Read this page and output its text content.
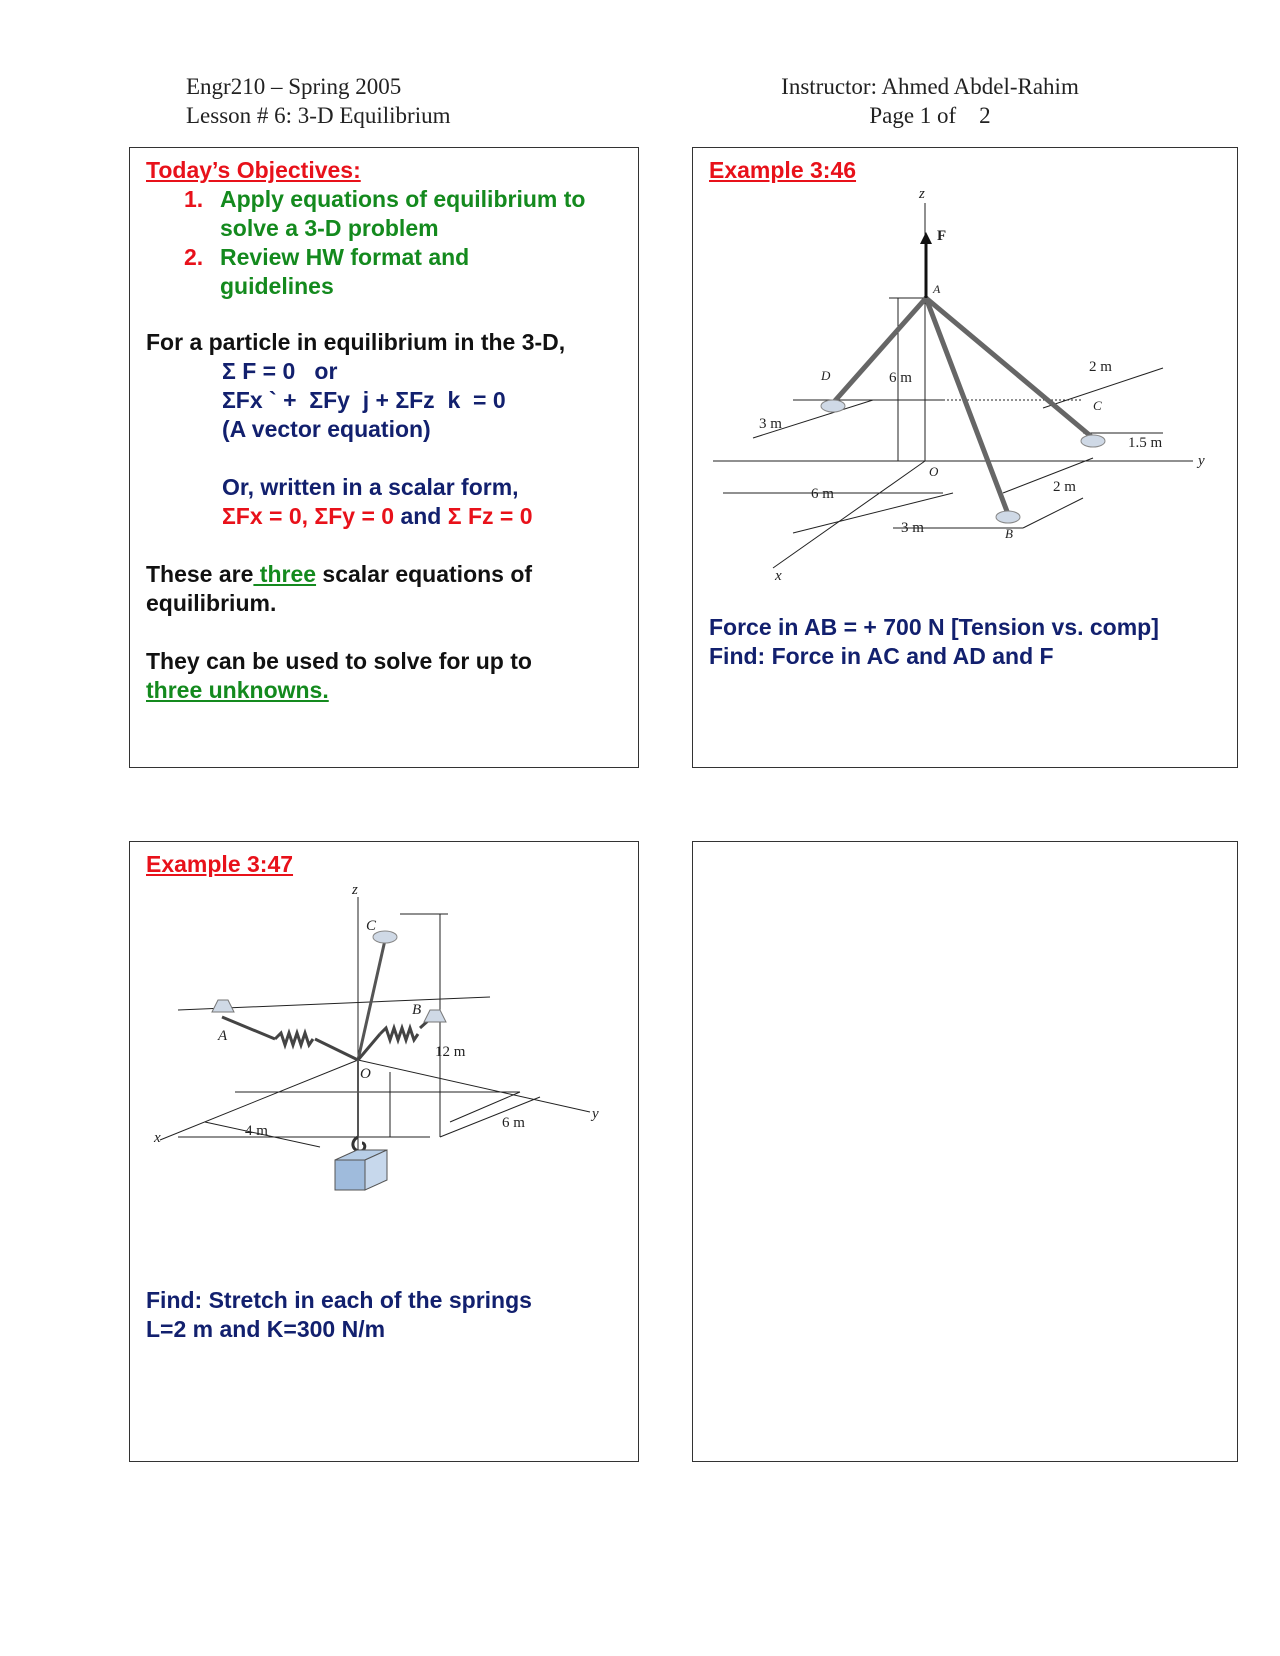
Engr210 – Spring 2005
Lesson # 6: 3-D Equilibrium
Instructor: Ahmed Abdel-Rahim
Page 1 of    2
Today’s Objectives:
1. Apply equations of equilibrium to
solve a 3-D problem
2. Review HW format and
guidelines
For a particle in equilibrium in the 3-D,
Σ F = 0   or
ΣFx ` +  ΣFy  j + ΣFz  k  = 0
(A vector equation)
Or, written in a scalar form,
ΣFx = 0, ΣFy = 0 and Σ Fz = 0
These are three scalar equations of
equilibrium.
They can be used to solve for up to
three unknowns.
Example 3:46
z
F
A
D
C
B
O
y
x
6 m
2 m
3 m
1.5 m
6 m	2 m
3 m
Force in AB = + 700 N [Tension vs. comp]
Find: Force in AC and AD and F
Example 3:47
z
C
A
B
O
x
y
12 m
4 m	6 m
Find: Stretch in each of the springs
L=2 m and K=300 N/m
